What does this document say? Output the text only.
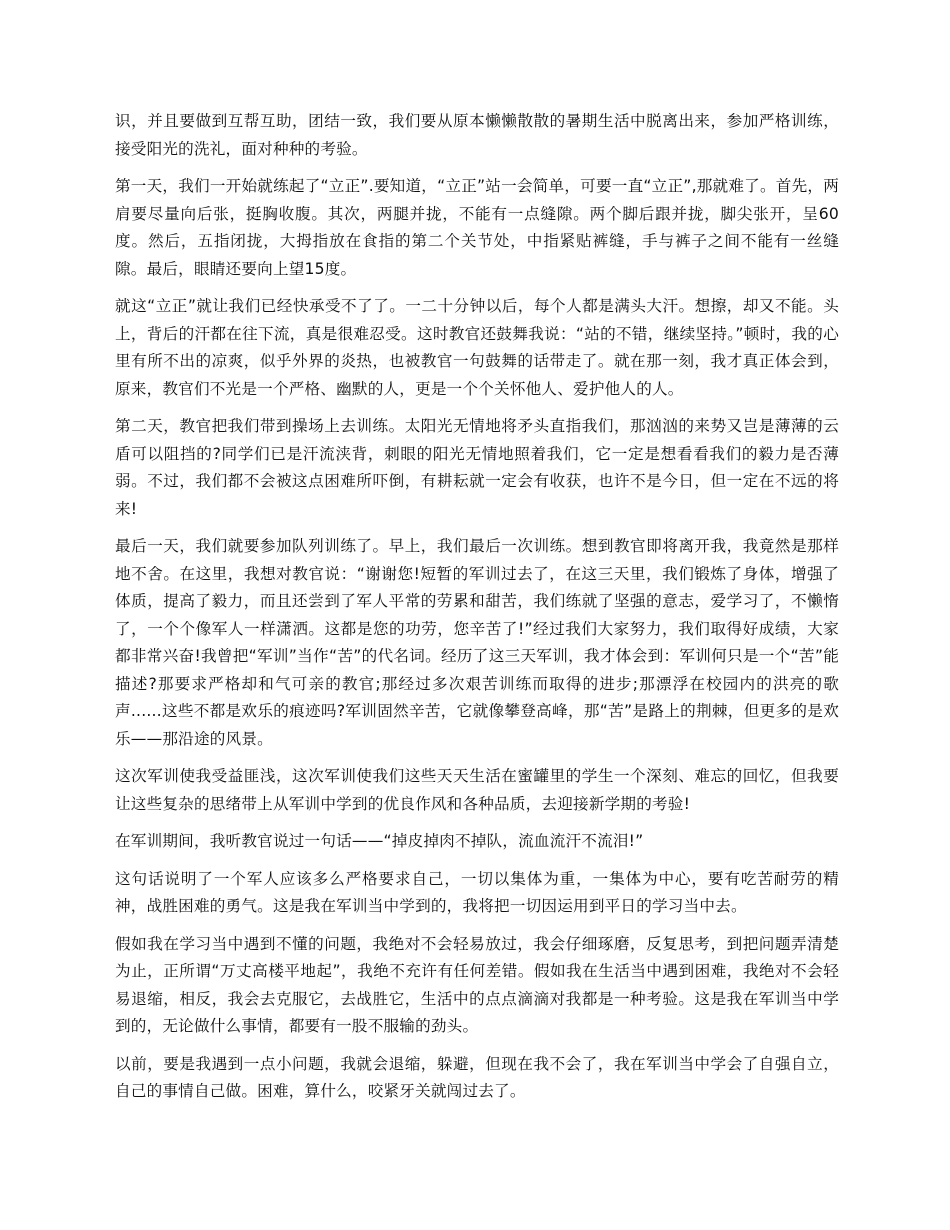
识，并且要做到互帮互助，团结一致，我们要从原本懒懒散散的暑期生活中脱离出来，参加严格训练，接受阳光的洗礼，面对种种的考验。

第一天，我们一开始就练起了“立正”.要知道，“立正”站一会简单，可要一直“立正”,那就难了。首先，两肩要尽量向后张，挺胸收腹。其次，两腿并拢，不能有一点缝隙。两个脚后跟并拢，脚尖张开，呈60度。然后，五指闭拢，大拇指放在食指的第二个关节处，中指紧贴裤缝，手与裤子之间不能有一丝缝隙。最后，眼睛还要向上望15度。

就这“立正”就让我们已经快承受不了了。一二十分钟以后，每个人都是满头大汗。想擦，却又不能。头上，背后的汗都在往下流，真是很难忍受。这时教官还鼓舞我说：“站的不错，继续坚持。”顿时，我的心里有所不出的凉爽，似乎外界的炎热，也被教官一句鼓舞的话带走了。就在那一刻，我才真正体会到，原来，教官们不光是一个严格、幽默的人，更是一个个关怀他人、爱护他人的人。

第二天，教官把我们带到操场上去训练。太阳光无情地将矛头直指我们，那汹汹的来势又岂是薄薄的云盾可以阻挡的?同学们已是汗流浃背，刺眼的阳光无情地照着我们，它一定是想看看我们的毅力是否薄弱。不过，我们都不会被这点困难所吓倒，有耕耘就一定会有收获，也许不是今日，但一定在不远的将来!

最后一天，我们就要参加队列训练了。早上，我们最后一次训练。想到教官即将离开我，我竟然是那样地不舍。在这里，我想对教官说：“谢谢您!短暂的军训过去了，在这三天里，我们锻炼了身体，增强了体质，提高了毅力，而且还尝到了军人平常的劳累和甜苦，我们练就了坚强的意志，爱学习了，不懒惰了，一个个像军人一样潇洒。这都是您的功劳，您辛苦了!”经过我们大家努力，我们取得好成绩，大家都非常兴奋!我曾把“军训”当作“苦”的代名词。经历了这三天军训，我才体会到：军训何只是一个“苦”能描述?那要求严格却和气可亲的教官;那经过多次艰苦训练而取得的进步;那漂浮在校园内的洪亮的歌声......这些不都是欢乐的痕迹吗?军训固然辛苦，它就像攀登高峰，那“苦”是路上的荆棘，但更多的是欢乐——那沿途的风景。

这次军训使我受益匪浅，这次军训使我们这些天天生活在蜜罐里的学生一个深刻、难忘的回忆，但我要让这些复杂的思绪带上从军训中学到的优良作风和各种品质，去迎接新学期的考验!

在军训期间，我听教官说过一句话——“掉皮掉肉不掉队，流血流汗不流泪!”

这句话说明了一个军人应该多么严格要求自己，一切以集体为重，一集体为中心，要有吃苦耐劳的精神，战胜困难的勇气。这是我在军训当中学到的，我将把一切因运用到平日的学习当中去。

假如我在学习当中遇到不懂的问题，我绝对不会轻易放过，我会仔细琢磨，反复思考，到把问题弄清楚为止，正所谓“万丈高楼平地起”，我绝不充许有任何差错。假如我在生活当中遇到困难，我绝对不会轻易退缩，相反，我会去克服它，去战胜它，生活中的点点滴滴对我都是一种考验。这是我在军训当中学到的，无论做什么事情，都要有一股不服输的劲头。

以前，要是我遇到一点小问题，我就会退缩，躲避，但现在我不会了，我在军训当中学会了自强自立，自己的事情自己做。困难，算什么，咬紧牙关就闯过去了。
